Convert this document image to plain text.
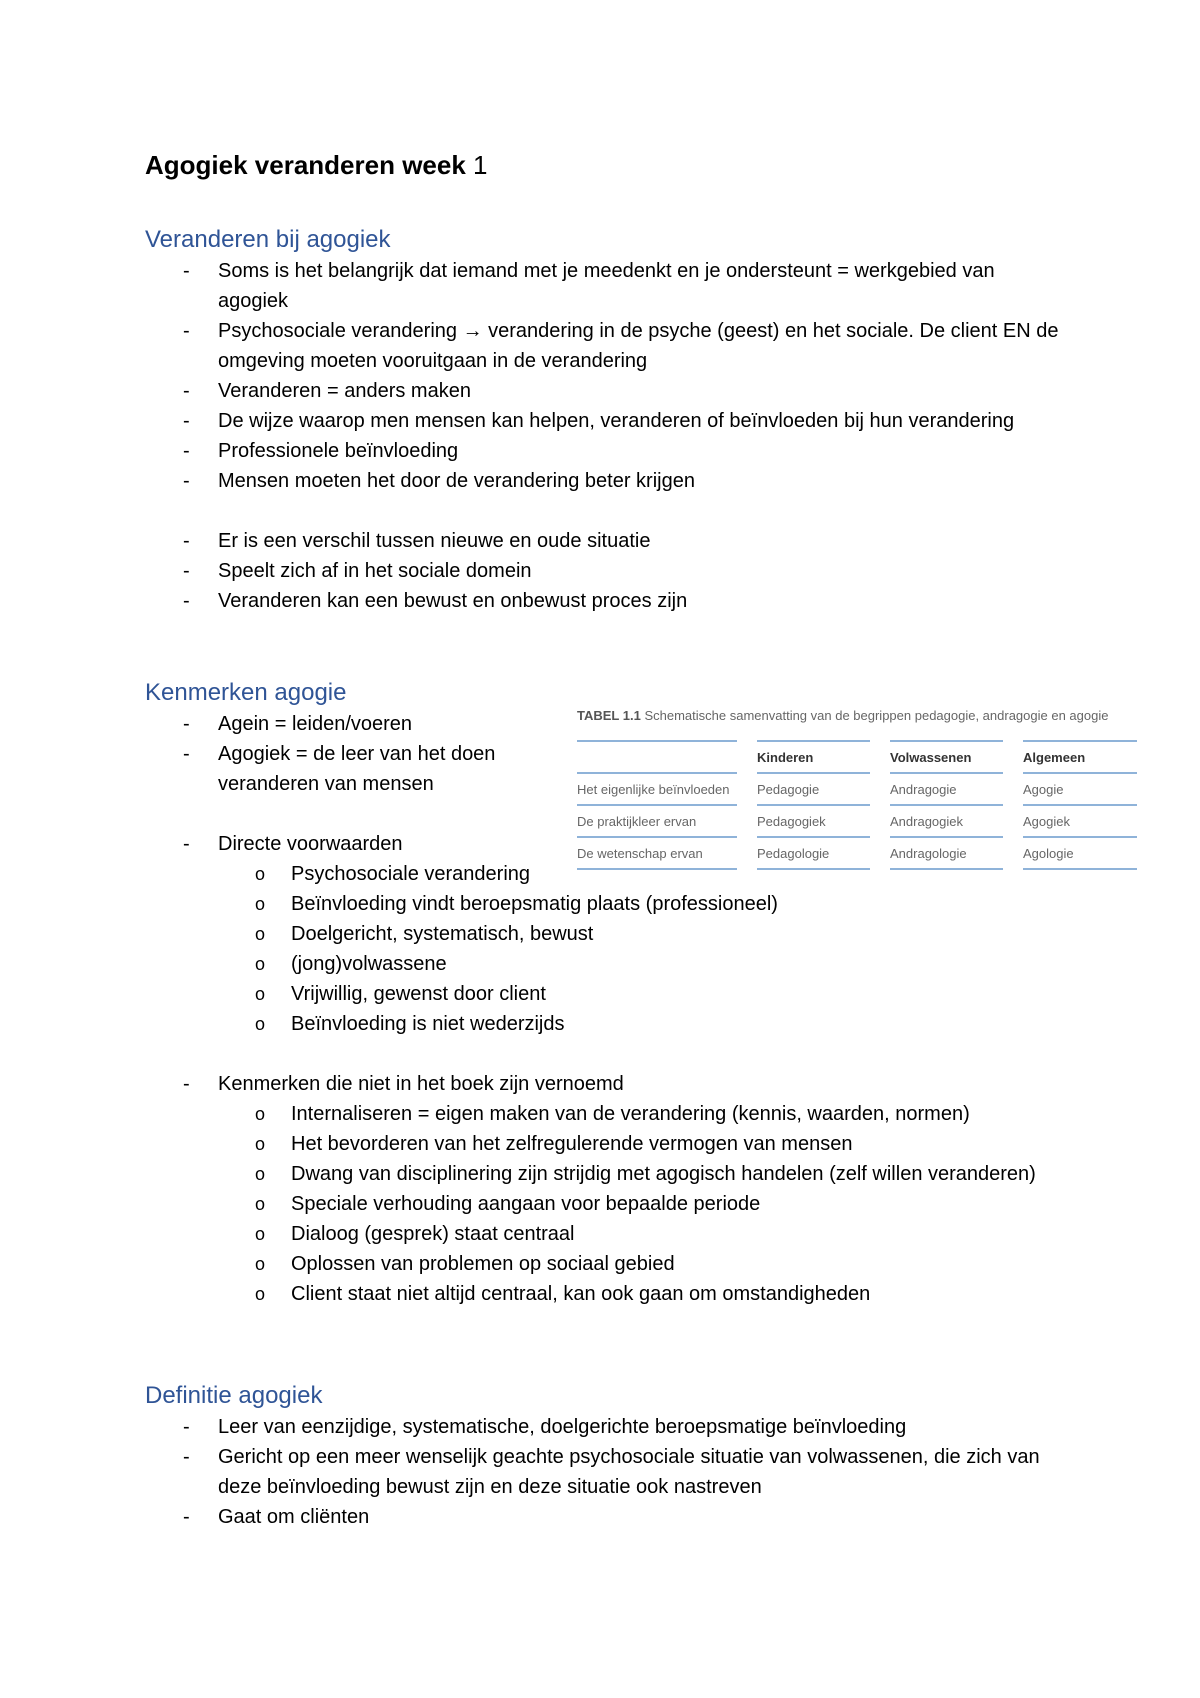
Agogiek veranderen week 1
Veranderen bij agogiek
-	Soms is het belangrijk dat iemand met je meedenkt en je ondersteunt = werkgebied van agogiek
-	Psychosociale verandering → verandering in de psyche (geest) en het sociale. De client EN de omgeving moeten vooruitgaan in de verandering
-	Veranderen = anders maken
-	De wijze waarop men mensen kan helpen, veranderen of beïnvloeden bij hun verandering
-	Professionele beïnvloeding
-	Mensen moeten het door de verandering beter krijgen
-	Er is een verschil tussen nieuwe en oude situatie
-	Speelt zich af in het sociale domein
-	Veranderen kan een bewust en onbewust proces zijn
Kenmerken agogie
-	Agein = leiden/voeren
-	Agogiek = de leer van het doen veranderen van mensen
-	Directe voorwaarden
o	Psychosociale verandering
o	Beïnvloeding vindt beroepsmatig plaats (professioneel)
o	Doelgericht, systematisch, bewust
o	(jong)volwassene
o	Vrijwillig, gewenst door client
o	Beïnvloeding is niet wederzijds
-	Kenmerken die niet in het boek zijn vernoemd
o	Internaliseren = eigen maken van de verandering (kennis, waarden, normen)
o	Het bevorderen van het zelfregulerende vermogen van mensen
o	Dwang van disciplinering zijn strijdig met agogisch handelen (zelf willen veranderen)
o	Speciale verhouding aangaan voor bepaalde periode
o	Dialoog (gesprek) staat centraal
o	Oplossen van problemen op sociaal gebied
o	Client staat niet altijd centraal, kan ook gaan om omstandigheden

TABEL 1.1 Schematische samenvatting van de begrippen pedagogie, andragogie en agogie

		Kinderen		Volwassenen		Algemeen
Het eigenlijke beïnvloeden		Pedagogie		Andragogie		Agogie
De praktijkleer ervan		Pedagogiek		Andragogiek		Agogiek
De wetenschap ervan		Pedagologie		Andragologie		Agologie
Definitie agogiek
-	Leer van eenzijdige, systematische, doelgerichte beroepsmatige beïnvloeding
-	Gericht op een meer wenselijk geachte psychosociale situatie van volwassenen, die zich van deze beïnvloeding bewust zijn en deze situatie ook nastreven
-	Gaat om cliënten
